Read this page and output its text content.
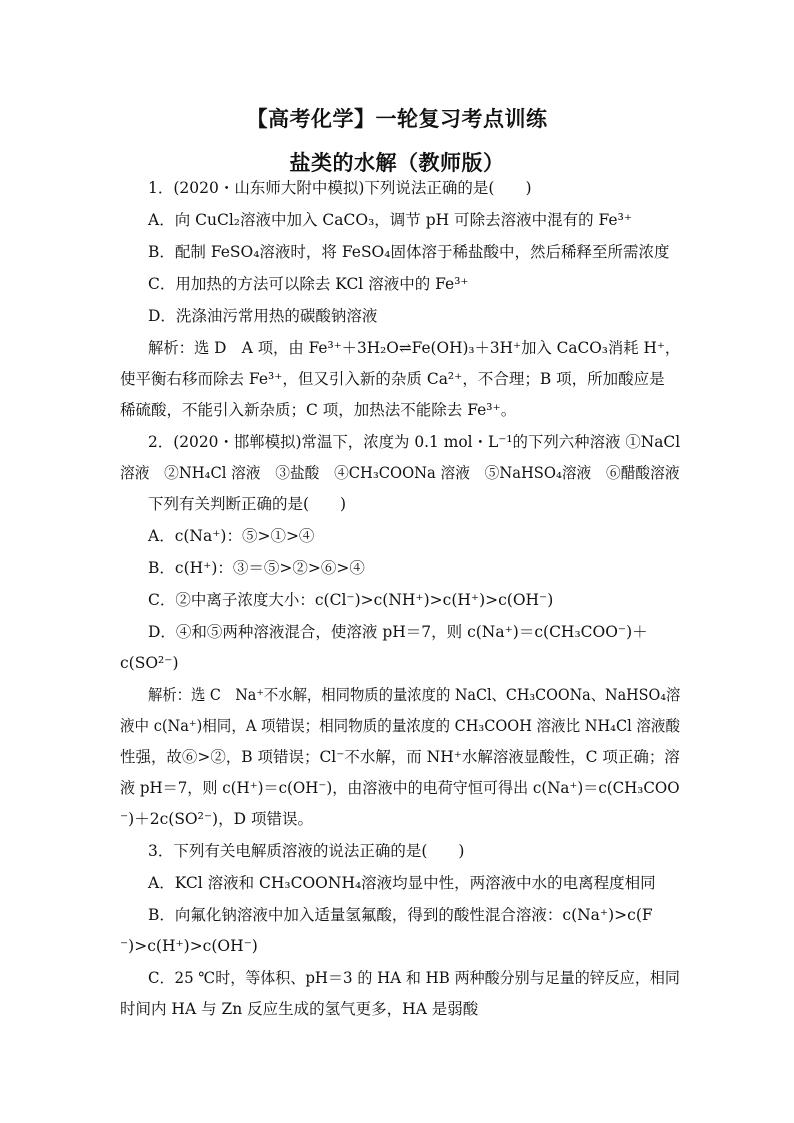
【高考化学】一轮复习考点训练
盐类的水解（教师版）
1．(2020・山东师大附中模拟)下列说法正确的是(　　)
A．向 CuCl₂溶液中加入 CaCO₃，调节 pH 可除去溶液中混有的 Fe³⁺
B．配制 FeSO₄溶液时，将 FeSO₄固体溶于稀盐酸中，然后稀释至所需浓度
C．用加热的方法可以除去 KCl 溶液中的 Fe³⁺
D．洗涤油污常用热的碳酸钠溶液
解析：选 D　A 项，由 Fe³⁺＋3H₂O⇌Fe(OH)₃＋3H⁺加入 CaCO₃消耗 H⁺，
使平衡右移而除去 Fe³⁺，但又引入新的杂质 Ca²⁺，不合理；B 项，所加酸应是
稀硫酸，不能引入新杂质；C 项，加热法不能除去 Fe³⁺。
2．(2020・邯郸模拟)常温下，浓度为 0.1 mol・L⁻¹的下列六种溶液 ①NaCl
溶液　②NH₄Cl 溶液　③盐酸　④CH₃COONa 溶液　⑤NaHSO₄溶液　⑥醋酸溶液
下列有关判断正确的是(　　)
A．c(Na⁺)：⑤>①>④
B．c(H⁺)：③＝⑤>②>⑥>④
C．②中离子浓度大小：c(Cl⁻)>c(NH⁺)>c(H⁺)>c(OH⁻)
D．④和⑤两种溶液混合，使溶液 pH＝7，则 c(Na⁺)＝c(CH₃COO⁻)＋
c(SO²⁻)
解析：选 C　Na⁺不水解，相同物质的量浓度的 NaCl、CH₃COONa、NaHSO₄溶
液中 c(Na⁺)相同，A 项错误；相同物质的量浓度的 CH₃COOH 溶液比 NH₄Cl 溶液酸
性强，故⑥>②，B 项错误；Cl⁻不水解，而 NH⁺水解溶液显酸性，C 项正确；溶
液 pH＝7，则 c(H⁺)＝c(OH⁻)，由溶液中的电荷守恒可得出 c(Na⁺)＝c(CH₃COO
⁻)＋2c(SO²⁻)，D 项错误。
3．下列有关电解质溶液的说法正确的是(　　)
A．KCl 溶液和 CH₃COONH₄溶液均显中性，两溶液中水的电离程度相同
B．向氟化钠溶液中加入适量氢氟酸，得到的酸性混合溶液：c(Na⁺)>c(F
⁻)>c(H⁺)>c(OH⁻)
C．25 ℃时，等体积、pH＝3 的 HA 和 HB 两种酸分别与足量的锌反应，相同
时间内 HA 与 Zn 反应生成的氢气更多，HA 是弱酸
